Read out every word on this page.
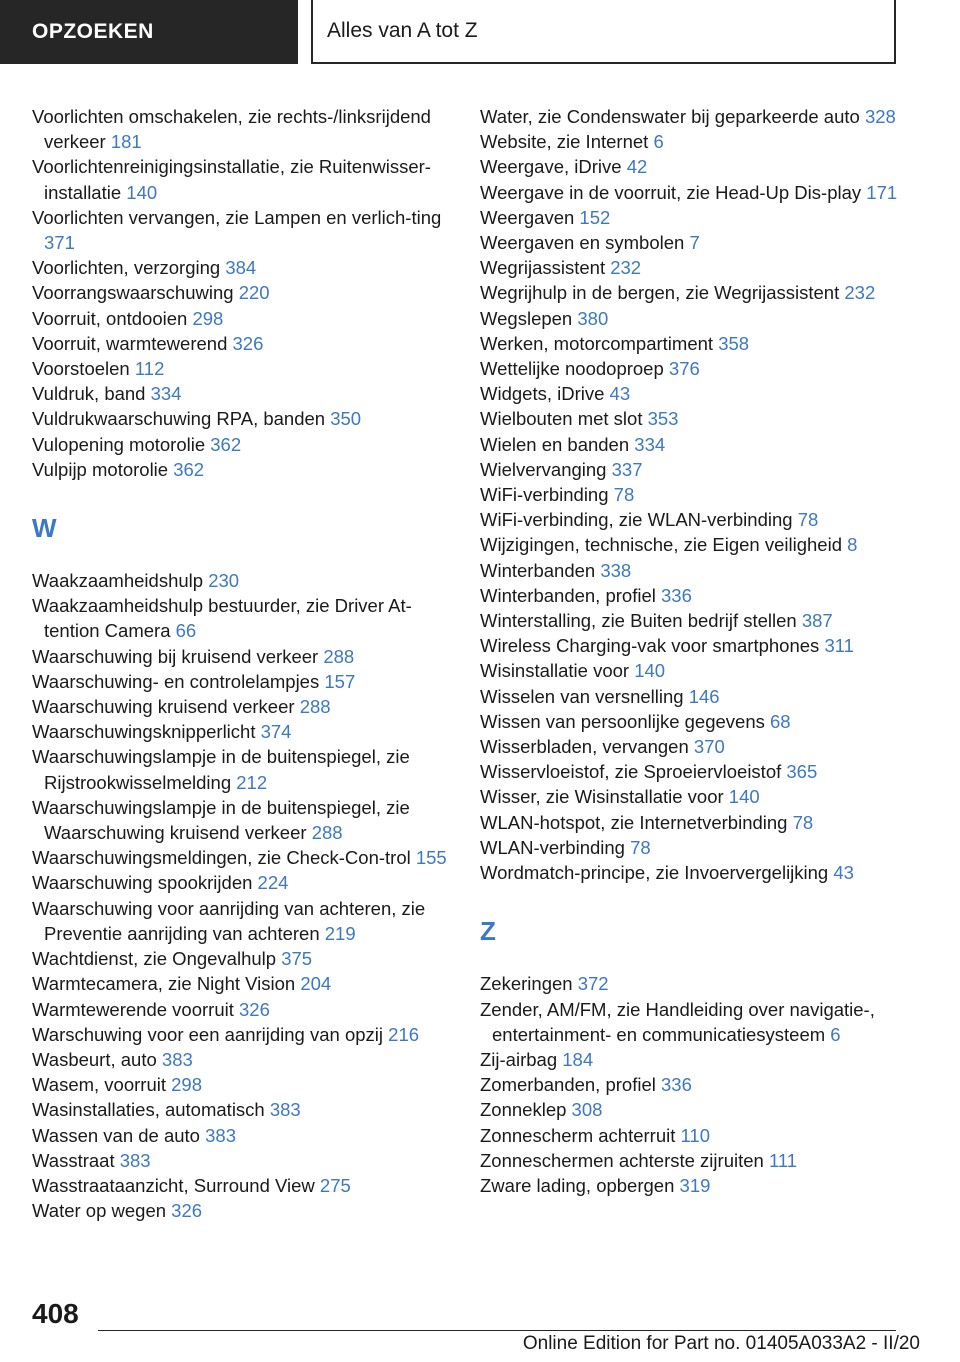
OPZOEKEN	Alles van A tot Z
Voorlichten omschakelen, zie rechts-/linksrijdend verkeer 181
Voorlichtenreinigingsinstallatie, zie Ruitenwisser-installatie 140
Voorlichten vervangen, zie Lampen en verlich-ting 371
Voorlichten, verzorging 384
Voorrangswaarschuwing 220
Voorruit, ontdooien 298
Voorruit, warmtewerend 326
Voorstoelen 112
Vuldruk, band 334
Vuldrukwaarschuwing RPA, banden 350
Vulopening motorolie 362
Vulpijp motorolie 362
W
Waakzaamheidshulp 230
Waakzaamheidshulp bestuurder, zie Driver At-tention Camera 66
Waarschuwing bij kruisend verkeer 288
Waarschuwing- en controlelampjes 157
Waarschuwing kruisend verkeer 288
Waarschuwingsknipperlicht 374
Waarschuwingslampje in de buitenspiegel, zie Rijstrookwisselmelding 212
Waarschuwingslampje in de buitenspiegel, zie Waarschuwing kruisend verkeer 288
Waarschuwingsmeldingen, zie Check-Con-trol 155
Waarschuwing spookrijden 224
Waarschuwing voor aanrijding van achteren, zie Preventie aanrijding van achteren 219
Wachtdienst, zie Ongevalhulp 375
Warmtecamera, zie Night Vision 204
Warmtewerende voorruit 326
Warschuwing voor een aanrijding van opzij 216
Wasbeurt, auto 383
Wasem, voorruit 298
Wasinstallaties, automatisch 383
Wassen van de auto 383
Wasstraat 383
Wasstraataanzicht, Surround View 275
Water op wegen 326
Water, zie Condenswater bij geparkeerde auto 328
Website, zie Internet 6
Weergave, iDrive 42
Weergave in de voorruit, zie Head-Up Dis-play 171
Weergaven 152
Weergaven en symbolen 7
Wegrijassistent 232
Wegrijhulp in de bergen, zie Wegrijassistent 232
Wegslepen 380
Werken, motorcompartiment 358
Wettelijke noodoproep 376
Widgets, iDrive 43
Wielbouten met slot 353
Wielen en banden 334
Wielvervanging 337
WiFi-verbinding 78
WiFi-verbinding, zie WLAN-verbinding 78
Wijzigingen, technische, zie Eigen veiligheid 8
Winterbanden 338
Winterbanden, profiel 336
Winterstalling, zie Buiten bedrijf stellen 387
Wireless Charging-vak voor smartphones 311
Wisinstallatie voor 140
Wisselen van versnelling 146
Wissen van persoonlijke gegevens 68
Wisserbladen, vervangen 370
Wisservloeistof, zie Sproeiervloeistof 365
Wisser, zie Wisinstallatie voor 140
WLAN-hotspot, zie Internetverbinding 78
WLAN-verbinding 78
Wordmatch-principe, zie Invoervergelijking 43
Z
Zekeringen 372
Zender, AM/FM, zie Handleiding over navigatie-, entertainment- en communicatiesysteem 6
Zij-airbag 184
Zomerbanden, profiel 336
Zonneklep 308
Zonnescherm achterruit 110
Zonneschermen achterste zijruiten 111
Zware lading, opbergen 319
408
Online Edition for Part no. 01405A033A2 - II/20
